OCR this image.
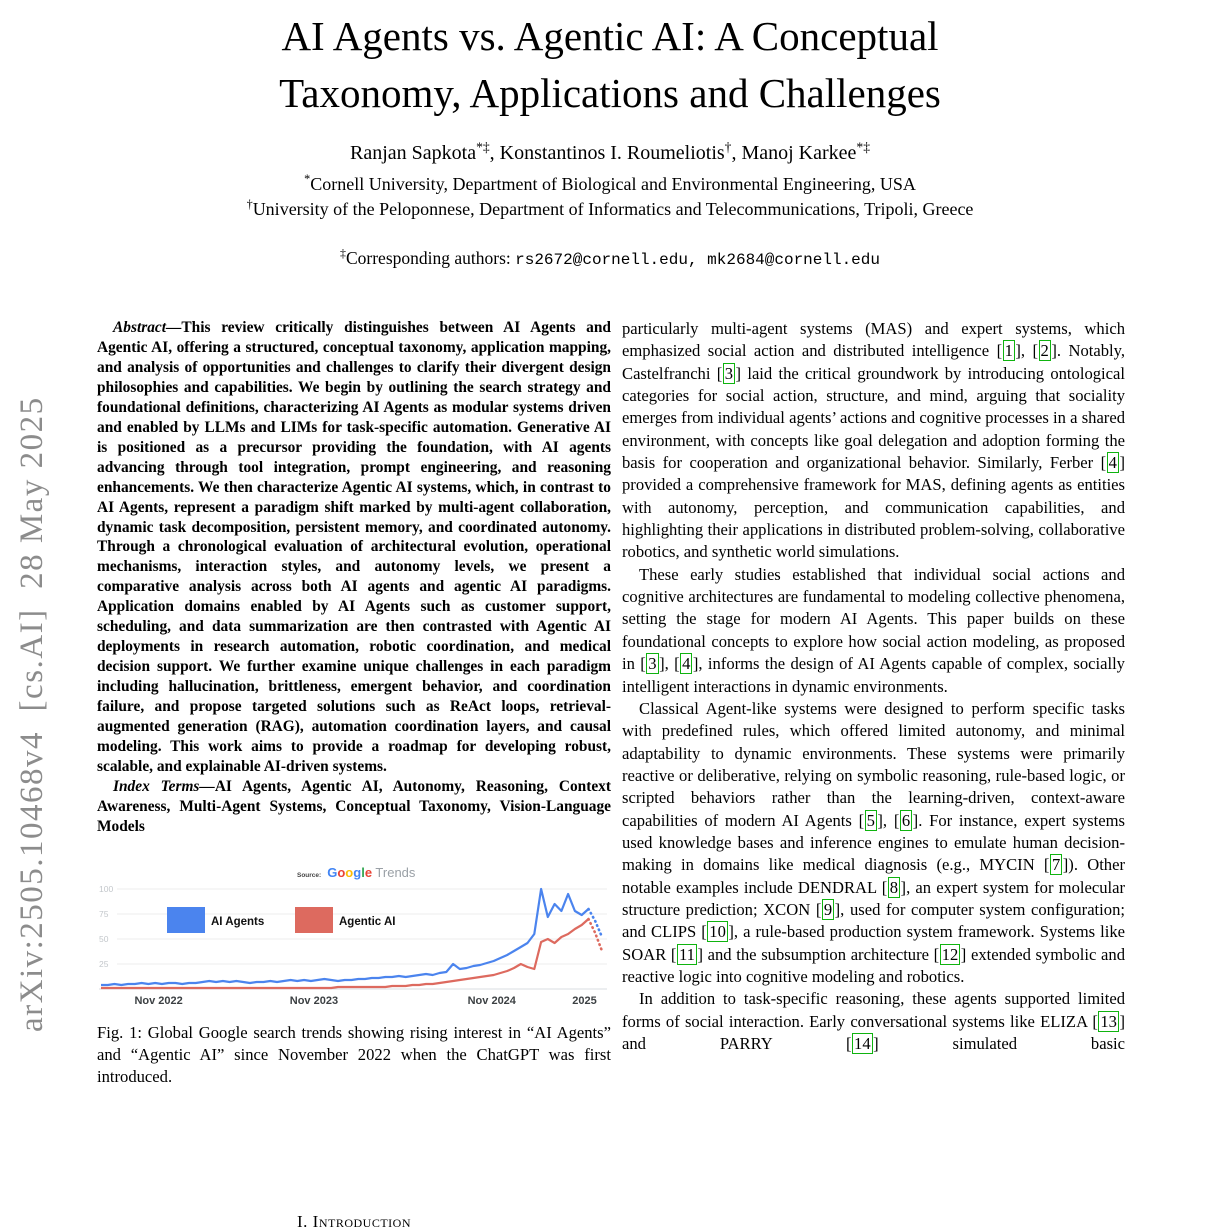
arXiv:2505.10468v4  [cs.AI]  28 May 2025
AI Agents vs. Agentic AI: A Conceptual
Taxonomy, Applications and Challenges
Ranjan Sapkota*‡, Konstantinos I. Roumeliotis†, Manoj Karkee*‡
*Cornell University, Department of Biological and Environmental Engineering, USA
†University of the Peloponnese, Department of Informatics and Telecommunications, Tripoli, Greece
‡Corresponding authors: rs2672@cornell.edu, mk2684@cornell.edu

Abstract—This review critically distinguishes between AI Agents and Agentic AI, offering a structured, conceptual taxonomy, application mapping, and analysis of opportunities and challenges to clarify their divergent design philosophies and capabilities. We begin by outlining the search strategy and foundational definitions, characterizing AI Agents as modular systems driven and enabled by LLMs and LIMs for task-specific automation. Generative AI is positioned as a precursor providing the foundation, with AI agents advancing through tool integration, prompt engineering, and reasoning enhancements. We then characterize Agentic AI systems, which, in contrast to AI Agents, represent a paradigm shift marked by multi-agent collaboration, dynamic task decomposition, persistent memory, and coordinated autonomy. Through a chronological evaluation of architectural evolution, operational mechanisms, interaction styles, and autonomy levels, we present a comparative analysis across both AI agents and agentic AI paradigms. Application domains enabled by AI Agents such as customer support, scheduling, and data summarization are then contrasted with Agentic AI deployments in research automation, robotic coordination, and medical decision support. We further examine unique challenges in each paradigm including hallucination, brittleness, emergent behavior, and coordination failure, and propose targeted solutions such as ReAct loops, retrieval-augmented generation (RAG), automation coordination layers, and causal modeling. This work aims to provide a roadmap for developing robust, scalable, and explainable AI-driven systems.

Index Terms—AI Agents, Agentic AI, Autonomy, Reasoning, Context Awareness, Multi-Agent Systems, Conceptual Taxonomy, Vision-Language Models

25
50
75
100
Nov 2022	Nov 2023	Nov 2024	2025
AI Agents	Agentic AI
Source: Google Trends

Fig. 1: Global Google search trends showing rising interest in “AI Agents” and “Agentic AI” since November 2022 when the ChatGPT was first introduced.

I. Introduction

particularly multi-agent systems (MAS) and expert systems, which emphasized social action and distributed intelligence [ 1 ], [ 2 ]. Notably, Castelfranchi [ 3 ] laid the critical groundwork by introducing ontological categories for social action, structure, and mind, arguing that sociality emerges from individual agents’ actions and cognitive processes in a shared environment, with concepts like goal delegation and adoption forming the basis for cooperation and organizational behavior. Similarly, Ferber [ 4 ] provided a comprehensive framework for MAS, defining agents as entities with autonomy, perception, and communication capabilities, and highlighting their applications in distributed problem-solving, collaborative robotics, and synthetic world simulations.

These early studies established that individual social actions and cognitive architectures are fundamental to modeling collective phenomena, setting the stage for modern AI Agents. This paper builds on these foundational concepts to explore how social action modeling, as proposed in [ 3 ], [ 4 ], informs the design of AI Agents capable of complex, socially intelligent interactions in dynamic environments.

Classical Agent-like systems were designed to perform specific tasks with predefined rules, which offered limited autonomy, and minimal adaptability to dynamic environments. These systems were primarily reactive or deliberative, relying on symbolic reasoning, rule-based logic, or scripted behaviors rather than the learning-driven, context-aware capabilities of modern AI Agents [ 5 ], [ 6 ]. For instance, expert systems used knowledge bases and inference engines to emulate human decision-making in domains like medical diagnosis (e.g., MYCIN [ 7 ]). Other notable examples include DENDRAL [ 8 ], an expert system for molecular structure prediction; XCON [ 9 ], used for computer system configuration; and CLIPS [ 10 ], a rule-based production system framework. Systems like SOAR [ 11 ] and the subsumption architecture [ 12 ] extended symbolic and reactive logic into cognitive modeling and robotics.

In addition to task-specific reasoning, these agents supported limited forms of social interaction. Early conversational systems like ELIZA [ 13 ] and PARRY [ 14 ] simulated basic
